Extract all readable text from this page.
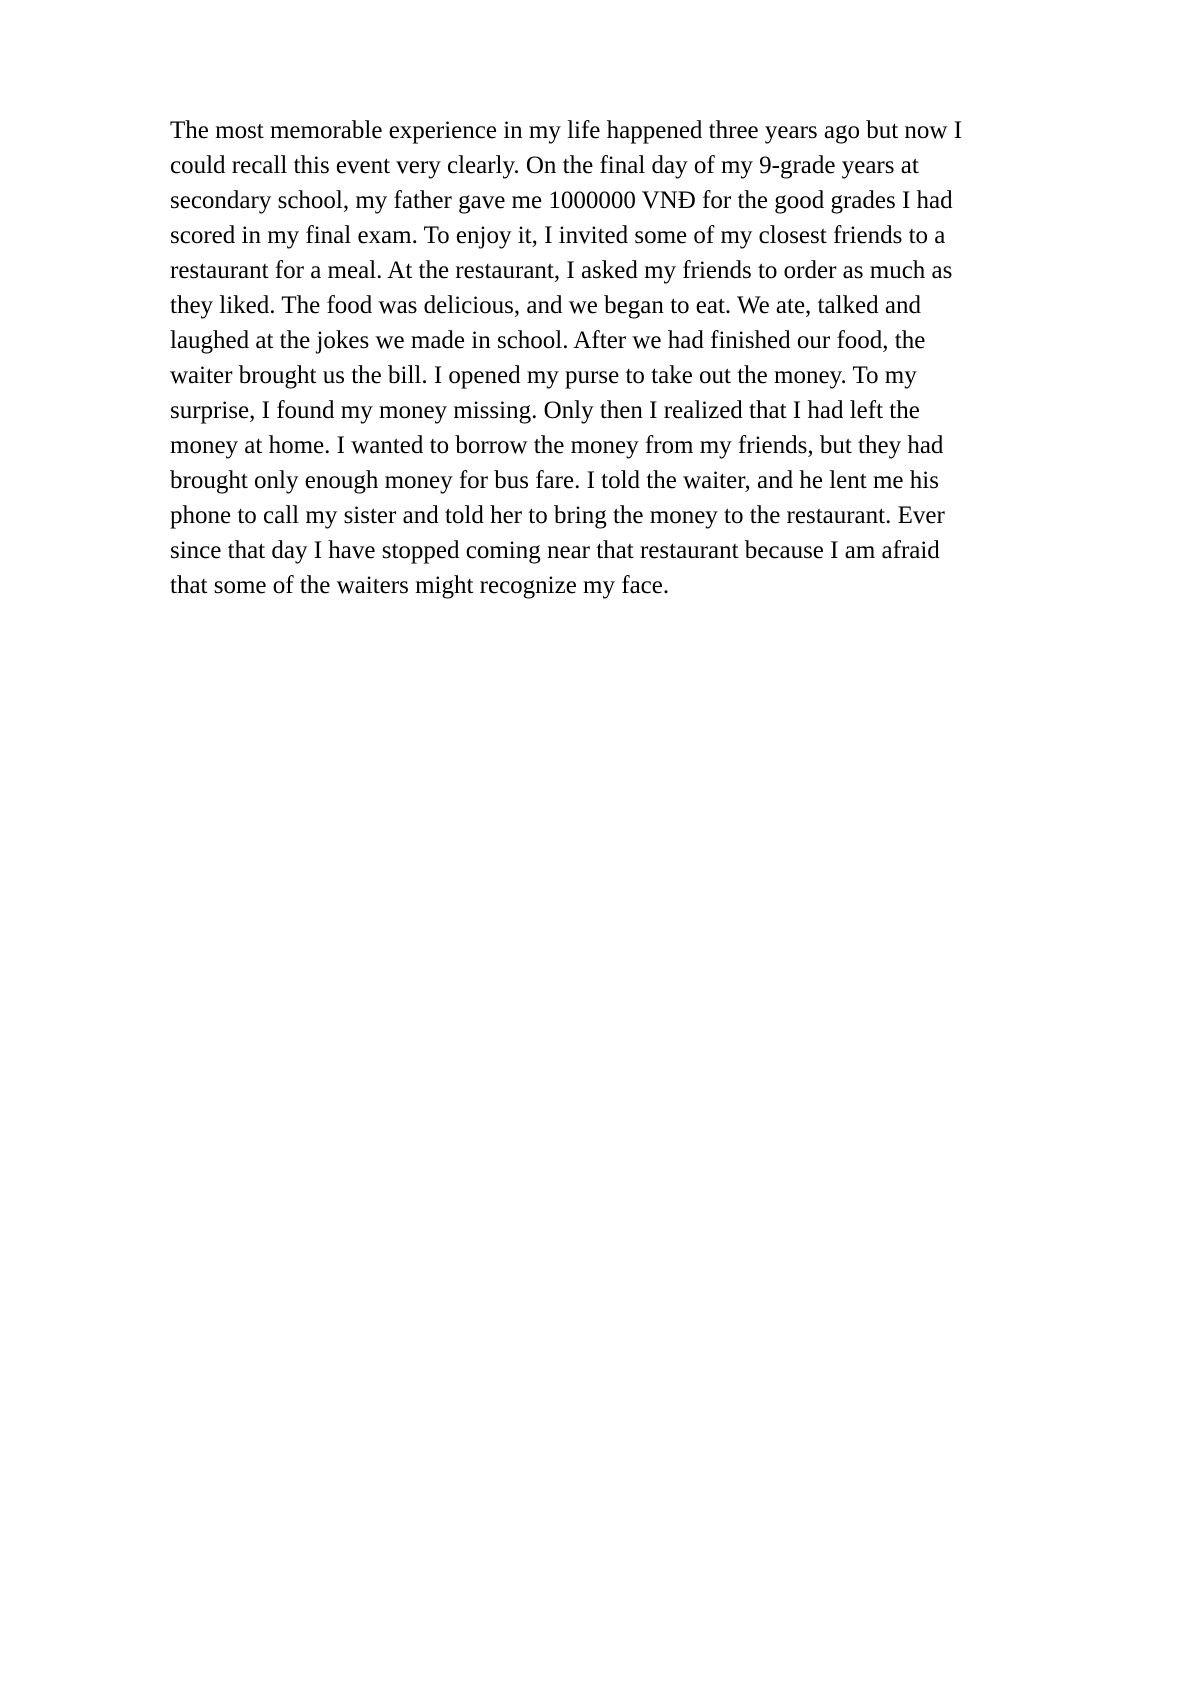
The most memorable experience in my life happened three years ago but now I
could recall this event very clearly. On the final day of my 9-grade years at
secondary school, my father gave me 1000000 VNĐ for the good grades I had
scored in my final exam. To enjoy it, I invited some of my closest friends to a
restaurant for a meal. At the restaurant, I asked my friends to order as much as
they liked. The food was delicious, and we began to eat. We ate, talked and
laughed at the jokes we made in school. After we had finished our food, the
waiter brought us the bill. I opened my purse to take out the money. To my
surprise, I found my money missing. Only then I realized that I had left the
money at home. I wanted to borrow the money from my friends, but they had
brought only enough money for bus fare. I told the waiter, and he lent me his
phone to call my sister and told her to bring the money to the restaurant. Ever
since that day I have stopped coming near that restaurant because I am afraid
that some of the waiters might recognize my face.
